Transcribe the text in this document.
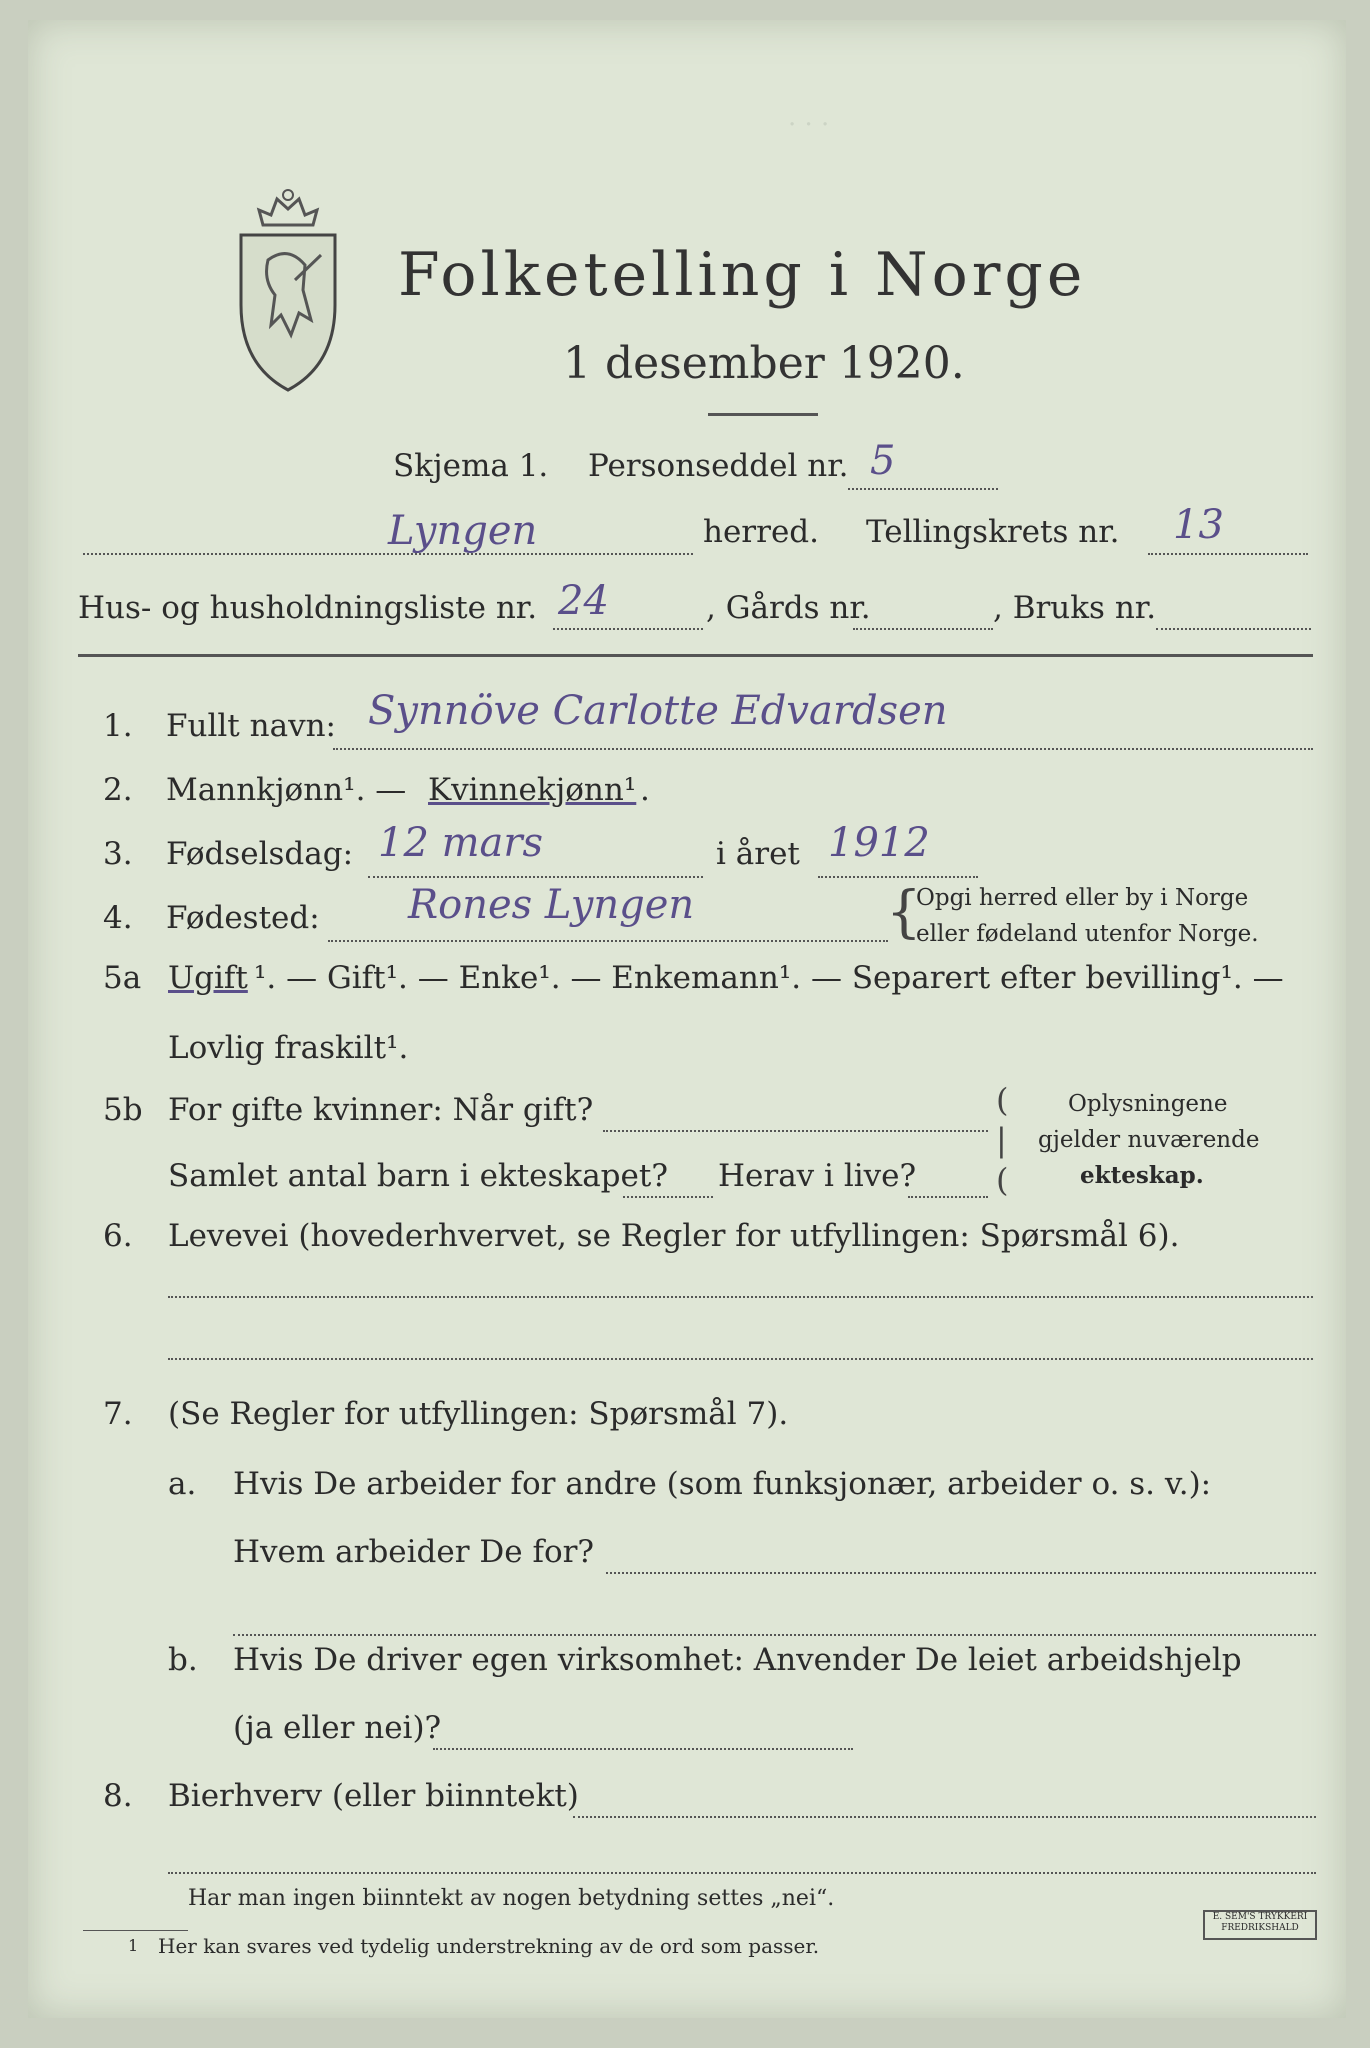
· · ·
Folketelling i Norge
1 desember 1920.
Skjema 1. Personseddel nr. 5
Lyngen	herred. Tellingskrets nr. 13
Hus- og husholdningsliste nr. 24	, Gårds nr.	, Bruks nr.
1. Fullt navn: Synnöve Carlotte Edvardsen
2. Mannkjønn¹. — Kvinnekjønn¹ .
3. Fødselsdag: 12 mars	i året 1912
4. Fødested: Rones Lyngen	{
Opgi herred eller by i Norge
eller fødeland utenfor Norge.
5a Ugift ¹. — Gift¹. — Enke¹. — Enkemann¹. — Separert efter bevilling¹. —
Lovlig fraskilt¹.
5b For gifte kvinner: Når gift?
Samlet antal barn i ekteskapet? Herav i live?
(
|
(
Oplysningene
gjelder nuværende
ekteskap.
6. Levevei (hovederhvervet, se Regler for utfyllingen: Spørsmål 6).
7. (Se Regler for utfyllingen: Spørsmål 7).
a. Hvis De arbeider for andre (som funksjonær, arbeider o. s. v.):
Hvem arbeider De for?
b. Hvis De driver egen virksomhet: Anvender De leiet arbeidshjelp
(ja eller nei)?
8. Bierhverv (eller biinntekt)
Har man ingen biinntekt av nogen betydning settes „nei“.
1 Her kan svares ved tydelig understrekning av de ord som passer.
E. SEM'S TRYKKERI FREDRIKSHALD
